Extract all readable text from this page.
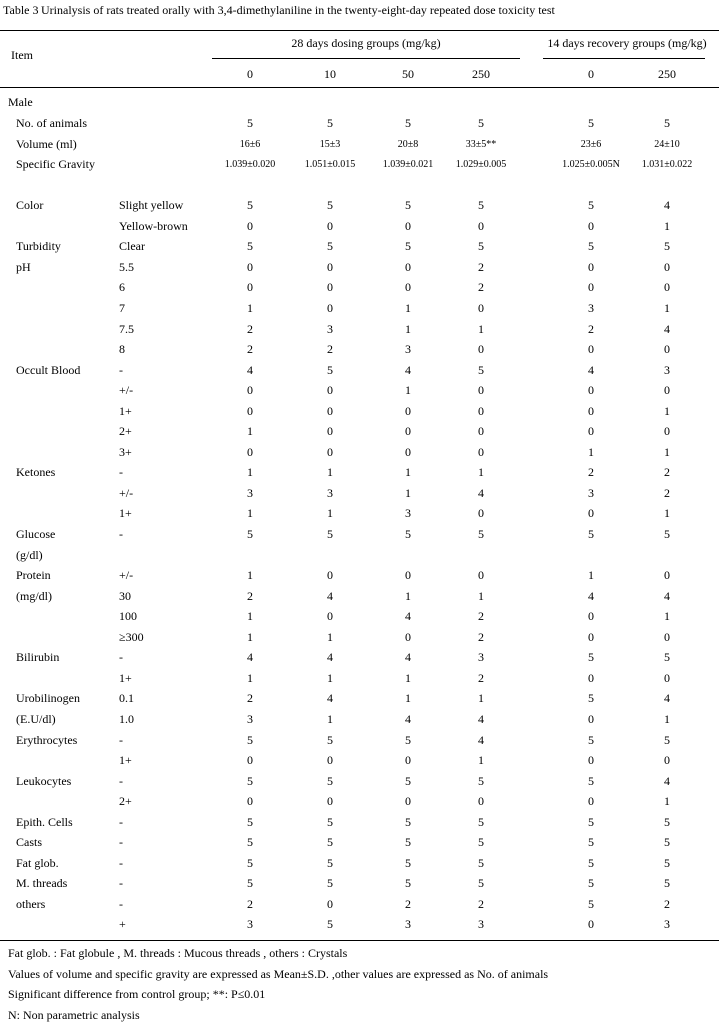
Table 3 Urinalysis of rats treated orally with 3,4-dimethylaniline in the twenty-eight-day repeated dose toxicity test
Item
28 days dosing groups (mg/kg)	14 days recovery groups (mg/kg)
0	10	50	250	0	250
Male
No. of animals	5	5	5	5	5	5
Volume (ml)	16±6	15±3	20±8	33±5**	23±6	24±10
Specific Gravity	1.039±0.020	1.051±0.015	1.039±0.021 1.029±0.005	1.025±0.005N 1.031±0.022
Color	Slight yellow	5	5	5	5	5	4
Yellow-brown	0	0	0	0	0	1
Turbidity	Clear	5	5	5	5	5	5
pH	5.5	0	0	0	2	0	0
6	0	0	0	2	0	0
7	1	0	1	0	3	1
7.5	2	3	1	1	2	4
8	2	2	3	0	0	0
Occult Blood	-	4	5	4	5	4	3
+/-	0	0	1	0	0	0
1+	0	0	0	0	0	1
2+	1	0	0	0	0	0
3+	0	0	0	0	1	1
Ketones	-	1	1	1	1	2	2
+/-	3	3	1	4	3	2
1+	1	1	3	0	0	1
Glucose	-	5	5	5	5	5	5
(g/dl)
Protein	+/-	1	0	0	0	1	0
(mg/dl)	30	2	4	1	1	4	4
100	1	0	4	2	0	1
≥300	1	1	0	2	0	0
Bilirubin	-	4	4	4	3	5	5
1+	1	1	1	2	0	0
Urobilinogen	0.1	2	4	1	1	5	4
(E.U/dl)	1.0	3	1	4	4	0	1
Erythrocytes	-	5	5	5	4	5	5
1+	0	0	0	1	0	0
Leukocytes	-	5	5	5	5	5	4
2+	0	0	0	0	0	1
Epith. Cells	-	5	5	5	5	5	5
Casts	-	5	5	5	5	5	5
Fat glob.	-	5	5	5	5	5	5
M. threads	-	5	5	5	5	5	5
others	-	2	0	2	2	5	2
+	3	5	3	3	0	3
Fat glob. : Fat globule , M. threads : Mucous threads , others : Crystals
Values of volume and specific gravity are expressed as Mean±S.D. ,other values are expressed as No. of animals
Significant difference from control group; **: P≤0.01
N: Non parametric analysis
